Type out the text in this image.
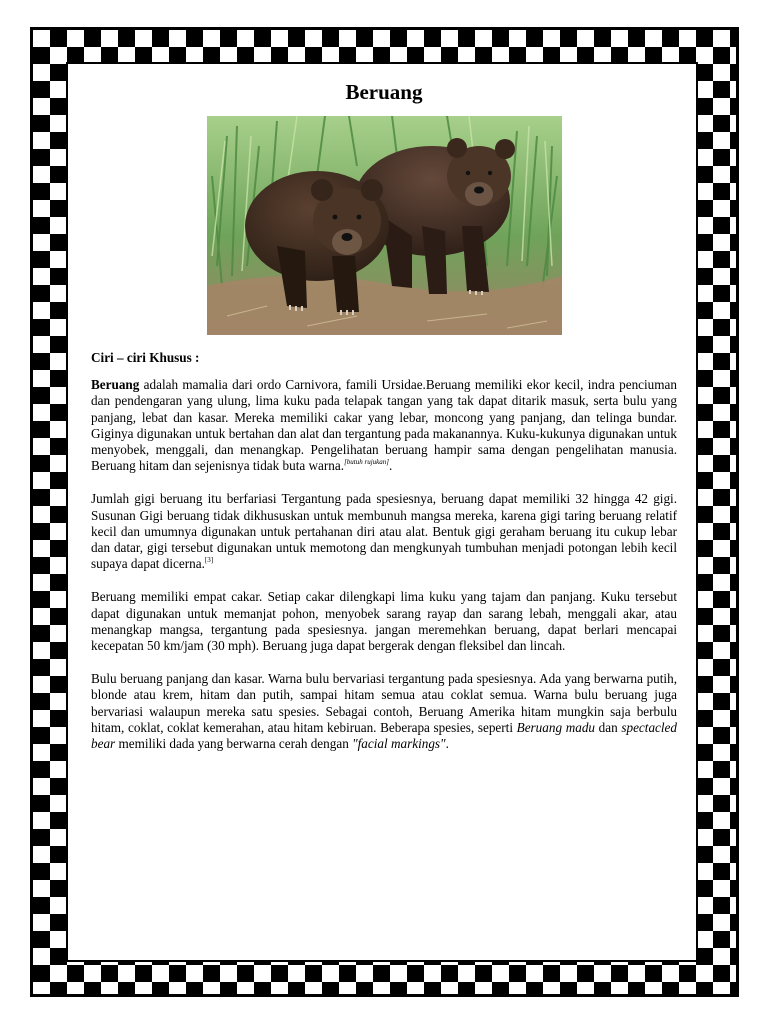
Beruang
Ciri – ciri Khusus :

Beruang adalah mamalia dari ordo Carnivora, famili Ursidae.Beruang memiliki ekor kecil, indra penciuman dan pendengaran yang ulung, lima kuku pada telapak tangan yang tak dapat ditarik masuk, serta bulu yang panjang, lebat dan kasar. Mereka memiliki cakar yang lebar, moncong yang panjang, dan telinga bundar. Giginya digunakan untuk bertahan dan alat dan tergantung pada makanannya. Kuku-kukunya digunakan untuk menyobek, menggali, dan menangkap. Pengelihatan beruang hampir sama dengan pengelihatan manusia. Beruang hitam dan sejenisnya tidak buta warna.[butuh rujukan].

Jumlah gigi beruang itu berfariasi Tergantung pada spesiesnya, beruang dapat memiliki 32 hingga 42 gigi. Susunan Gigi beruang tidak dikhususkan untuk membunuh mangsa mereka, karena gigi taring beruang relatif kecil dan umumnya digunakan untuk pertahanan diri atau alat. Bentuk gigi geraham beruang itu cukup lebar dan datar, gigi tersebut digunakan untuk memotong dan mengkunyah tumbuhan menjadi potongan lebih kecil supaya dapat dicerna.[3]

Beruang memiliki empat cakar. Setiap cakar dilengkapi lima kuku yang tajam dan panjang. Kuku tersebut dapat digunakan untuk memanjat pohon, menyobek sarang rayap dan sarang lebah, menggali akar, atau menangkap mangsa, tergantung pada spesiesnya. jangan meremehkan beruang, dapat berlari mencapai kecepatan 50 km/jam (30 mph). Beruang juga dapat bergerak dengan fleksibel dan lincah.

Bulu beruang panjang dan kasar. Warna bulu bervariasi tergantung pada spesiesnya. Ada yang berwarna putih, blonde atau krem, hitam dan putih, sampai hitam semua atau coklat semua. Warna bulu beruang juga bervariasi walaupun mereka satu spesies. Sebagai contoh, Beruang Amerika hitam mungkin saja berbulu hitam, coklat, coklat kemerahan, atau hitam kebiruan. Beberapa spesies, seperti Beruang madu dan spectacled bear memiliki dada yang berwarna cerah dengan "facial markings".
